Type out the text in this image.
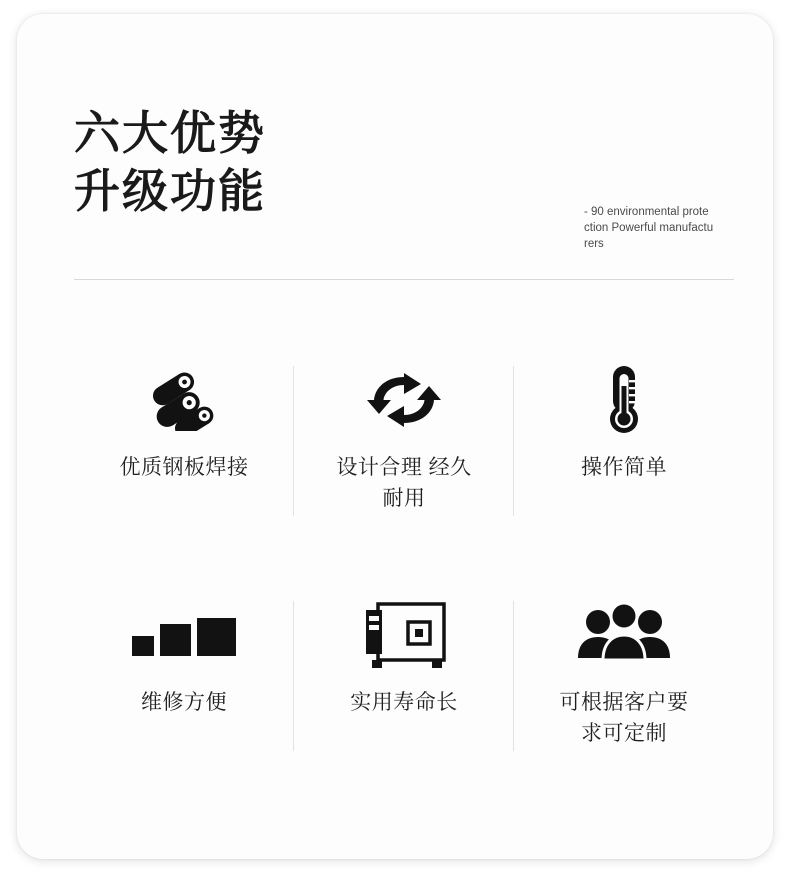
六大优势
升级功能	- 90 environmental protection Powerful manufacturers
优质钢板焊接	设计合理 经久耐用
操作简单
维修方便	实用寿命长	可根据客户要求可定制
